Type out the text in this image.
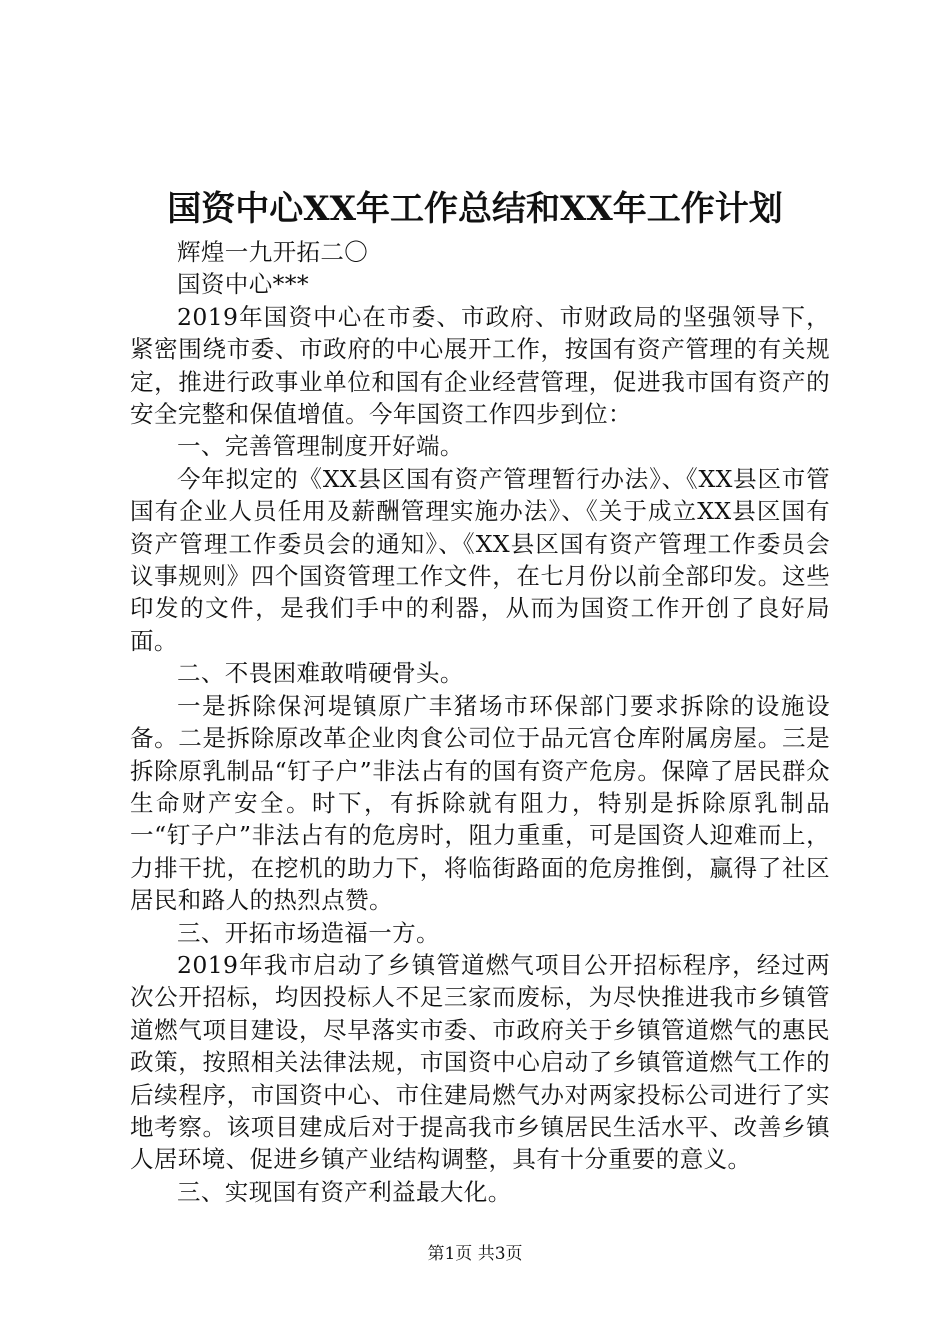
国资中心XX年工作总结和XX年工作计划

辉煌一九开拓二〇

国资中心***

2019年国资中心在市委、市政府、市财政局的坚强领导下，紧密围绕市委、市政府的中心展开工作，按国有资产管理的有关规定，推进行政事业单位和国有企业经营管理，促进我市国有资产的安全完整和保值增值。今年国资工作四步到位：

一、完善管理制度开好端。

今年拟定的《XX县区国有资产管理暂行办法》、《XX县区市管国有企业人员任用及薪酬管理实施办法》、《关于成立XX县区国有资产管理工作委员会的通知》、《XX县区国有资产管理工作委员会议事规则》四个国资管理工作文件，在七月份以前全部印发。这些印发的文件，是我们手中的利器，从而为国资工作开创了良好局面。

二、不畏困难敢啃硬骨头。

一是拆除保河堤镇原广丰猪场市环保部门要求拆除的设施设备。二是拆除原改革企业肉食公司位于品元宫仓库附属房屋。三是拆除原乳制品“钉子户”非法占有的国有资产危房。保障了居民群众生命财产安全。时下，有拆除就有阻力，特别是拆除原乳制品一“钉子户”非法占有的危房时，阻力重重，可是国资人迎难而上，力排干扰，在挖机的助力下，将临街路面的危房推倒，赢得了社区居民和路人的热烈点赞。

三、开拓市场造福一方。

2019年我市启动了乡镇管道燃气项目公开招标程序，经过两次公开招标，均因投标人不足三家而废标，为尽快推进我市乡镇管道燃气项目建设，尽早落实市委、市政府关于乡镇管道燃气的惠民政策，按照相关法律法规，市国资中心启动了乡镇管道燃气工作的后续程序，市国资中心、市住建局燃气办对两家投标公司进行了实地考察。该项目建成后对于提高我市乡镇居民生活水平、改善乡镇人居环境、促进乡镇产业结构调整，具有十分重要的意义。

三、实现国有资产利益最大化。

第1页 共3页
